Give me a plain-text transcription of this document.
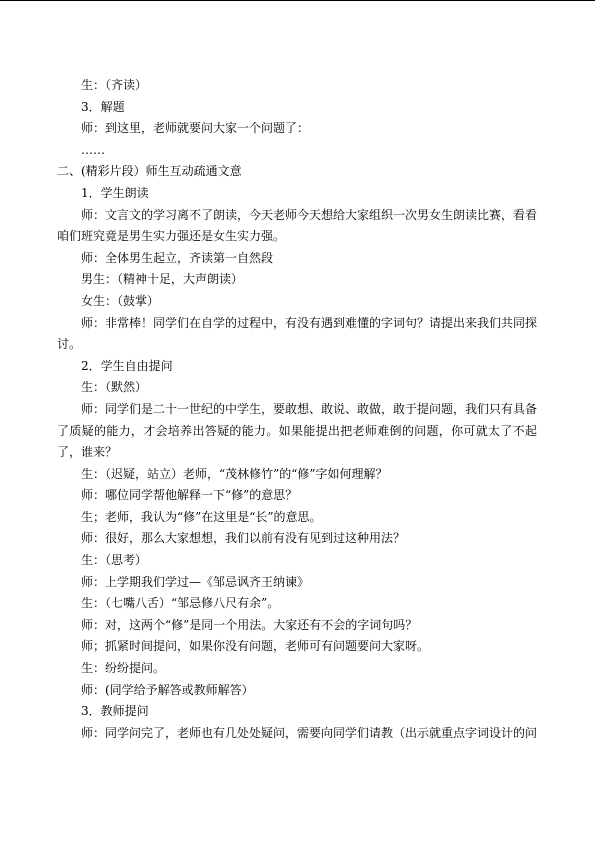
生：（齐读）

3．解题

师：到这里，老师就要问大家一个问题了：

……

二、(精彩片段）师生互动疏通文意

1．学生朗读

师：文言文的学习离不了朗读，今天老师今天想给大家组织一次男女生朗读比赛，看看咱们班究竟是男生实力强还是女生实力强。

师：全体男生起立，齐读第一自然段

男生：（精神十足，大声朗读）

女生：（鼓掌）

师：非常棒！同学们在自学的过程中，有没有遇到难懂的字词句？请提出来我们共同探讨。

2．学生自由提问

生：（默然）

师：同学们是二十一世纪的中学生，要敢想、敢说、敢做，敢于提问题，我们只有具备了质疑的能力，才会培养出答疑的能力。如果能提出把老师难倒的问题，你可就太了不起了，谁来？

生：（迟疑，站立）老师，“茂林修竹”的“修”字如何理解？

师：哪位同学帮他解释一下“修”的意思？

生；老师，我认为“修”在这里是“长”的意思。

师：很好，那么大家想想，我们以前有没有见到过这种用法？

生：（思考）

师：上学期我们学过—《邹忌讽齐王纳谏》

生：（七嘴八舌）“邹忌修八尺有余”。

师：对，这两个“修”是同一个用法。大家还有不会的字词句吗？

师；抓紧时间提问，如果你没有问题，老师可有问题要问大家呀。

生：纷纷提问。

师：(同学给予解答或教师解答）

3．教师提问

师：同学问完了，老师也有几处处疑问，需要向同学们请教（出示就重点字词设计的问
